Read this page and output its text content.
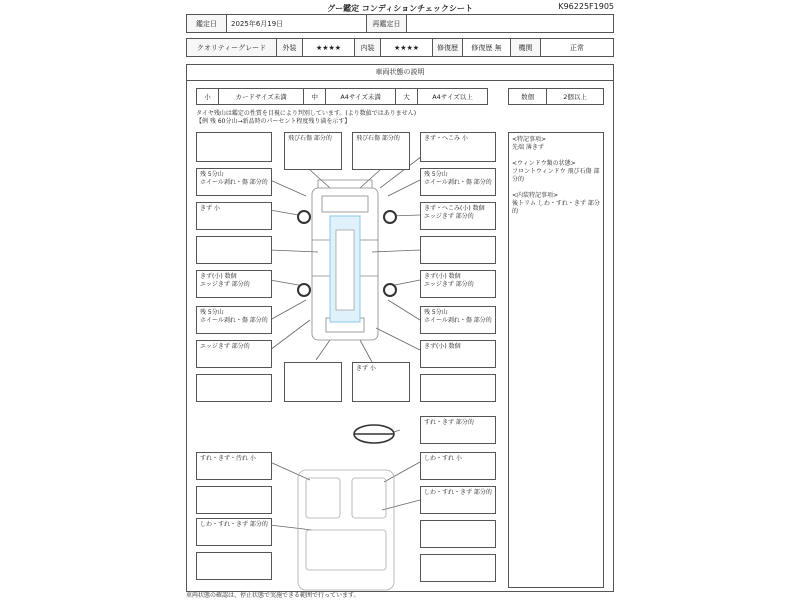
グー鑑定 コンディションチェックシート	K96225F1905
鑑定日	2025年6月19日	再鑑定日	
クオリティーグレード	外装	★★★★	内装	★★★★	修復歴	修復歴 無	機関	正常
車両状態の説明
小	カードサイズ未満	中	A4サイズ未満	大	A4サイズ以上	数個	2個以上
タイヤ残山は鑑定の性質を目視により判別しています。(より数値ではありません)
【例 残 60分山→新品時のパーセント程度残り満を示す】
飛び石傷 部分的	飛び石傷 部分的	きず・へこみ 小
残 5分山
ホイール剥れ・傷 部分的
きず 小
きず(小) 数個
エッジきず 部分的
残 5分山
ホイール剥れ・傷 部分的
エッジきず 部分的
残 5分山
ホイール剥れ・傷 部分的
きず・へこみ(小) 数個
エッジきず 部分的
きず(小) 数個
エッジきず 部分的
残 5分山
ホイール剥れ・傷 部分的
きず(小) 数個
きず 小
すれ・きず 部分的
すれ・きず・汚れ 小
しわ・すれ・きず 部分的
しわ・すれ 小
しわ・すれ・きず 部分的
<特記事項>
先端 薄きず

<ウィンドウ類の状態>
フロントウィンドウ 飛び石傷 部分的

<内装特記事項>
後トリム しわ・すれ・きず 部分的
車両状態の確認は、停止状態で実施できる範囲で行っています。
